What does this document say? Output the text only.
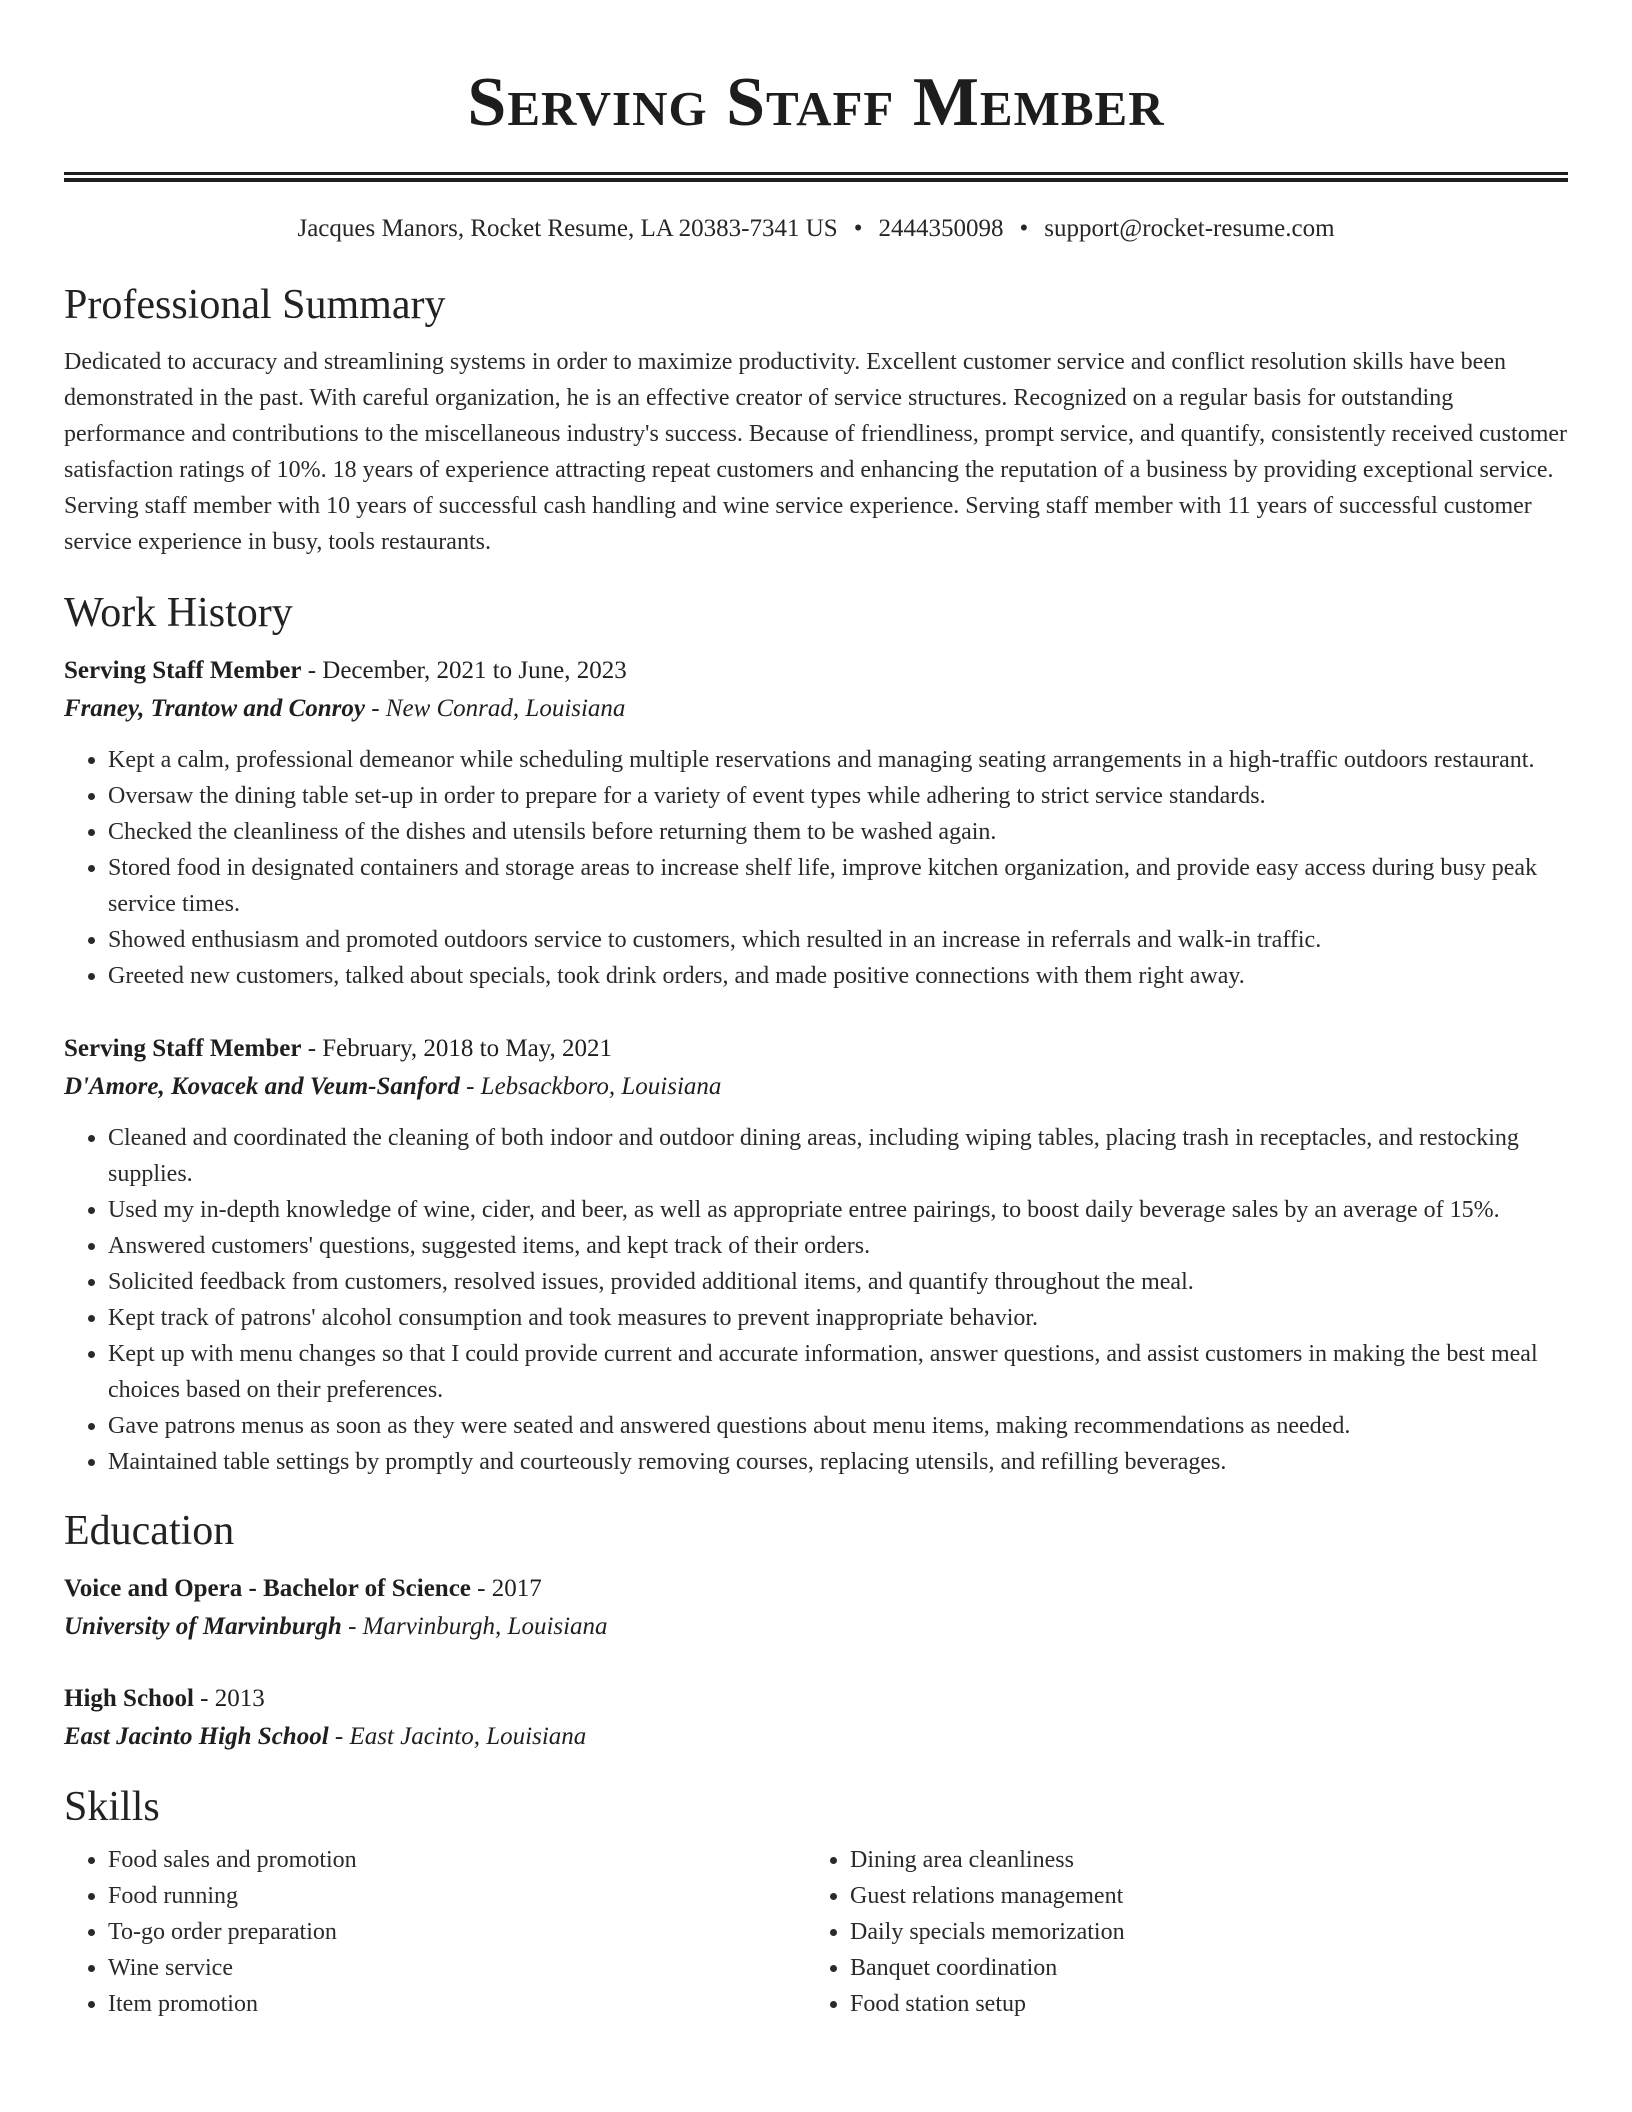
Serving Staff Member
Jacques Manors, Rocket Resume, LA 20383-7341 US • 2444350098 • support@rocket-resume.com
Professional Summary
Dedicated to accuracy and streamlining systems in order to maximize productivity. Excellent customer service and conflict resolution skills have been demonstrated in the past. With careful organization, he is an effective creator of service structures. Recognized on a regular basis for outstanding performance and contributions to the miscellaneous industry's success. Because of friendliness, prompt service, and quantify, consistently received customer satisfaction ratings of 10%. 18 years of experience attracting repeat customers and enhancing the reputation of a business by providing exceptional service. Serving staff member with 10 years of successful cash handling and wine service experience. Serving staff member with 11 years of successful customer service experience in busy, tools restaurants.
Work History
Serving Staff Member - December, 2021 to June, 2023
Franey, Trantow and Conroy - New Conrad, Louisiana
• Kept a calm, professional demeanor while scheduling multiple reservations and managing seating arrangements in a high-traffic outdoors restaurant.
• Oversaw the dining table set-up in order to prepare for a variety of event types while adhering to strict service standards.
• Checked the cleanliness of the dishes and utensils before returning them to be washed again.
• Stored food in designated containers and storage areas to increase shelf life, improve kitchen organization, and provide easy access during busy peak service times.
• Showed enthusiasm and promoted outdoors service to customers, which resulted in an increase in referrals and walk-in traffic.
• Greeted new customers, talked about specials, took drink orders, and made positive connections with them right away.
Serving Staff Member - February, 2018 to May, 2021
D'Amore, Kovacek and Veum-Sanford - Lebsackboro, Louisiana
• Cleaned and coordinated the cleaning of both indoor and outdoor dining areas, including wiping tables, placing trash in receptacles, and restocking supplies.
• Used my in-depth knowledge of wine, cider, and beer, as well as appropriate entree pairings, to boost daily beverage sales by an average of 15%.
• Answered customers' questions, suggested items, and kept track of their orders.
• Solicited feedback from customers, resolved issues, provided additional items, and quantify throughout the meal.
• Kept track of patrons' alcohol consumption and took measures to prevent inappropriate behavior.
• Kept up with menu changes so that I could provide current and accurate information, answer questions, and assist customers in making the best meal choices based on their preferences.
• Gave patrons menus as soon as they were seated and answered questions about menu items, making recommendations as needed.
• Maintained table settings by promptly and courteously removing courses, replacing utensils, and refilling beverages.
Education
Voice and Opera - Bachelor of Science - 2017
University of Marvinburgh - Marvinburgh, Louisiana
High School - 2013
East Jacinto High School - East Jacinto, Louisiana
Skills
• Food sales and promotion
• Food running
• To-go order preparation
• Wine service
• Item promotion
• Dining area cleanliness
• Guest relations management
• Daily specials memorization
• Banquet coordination
• Food station setup
